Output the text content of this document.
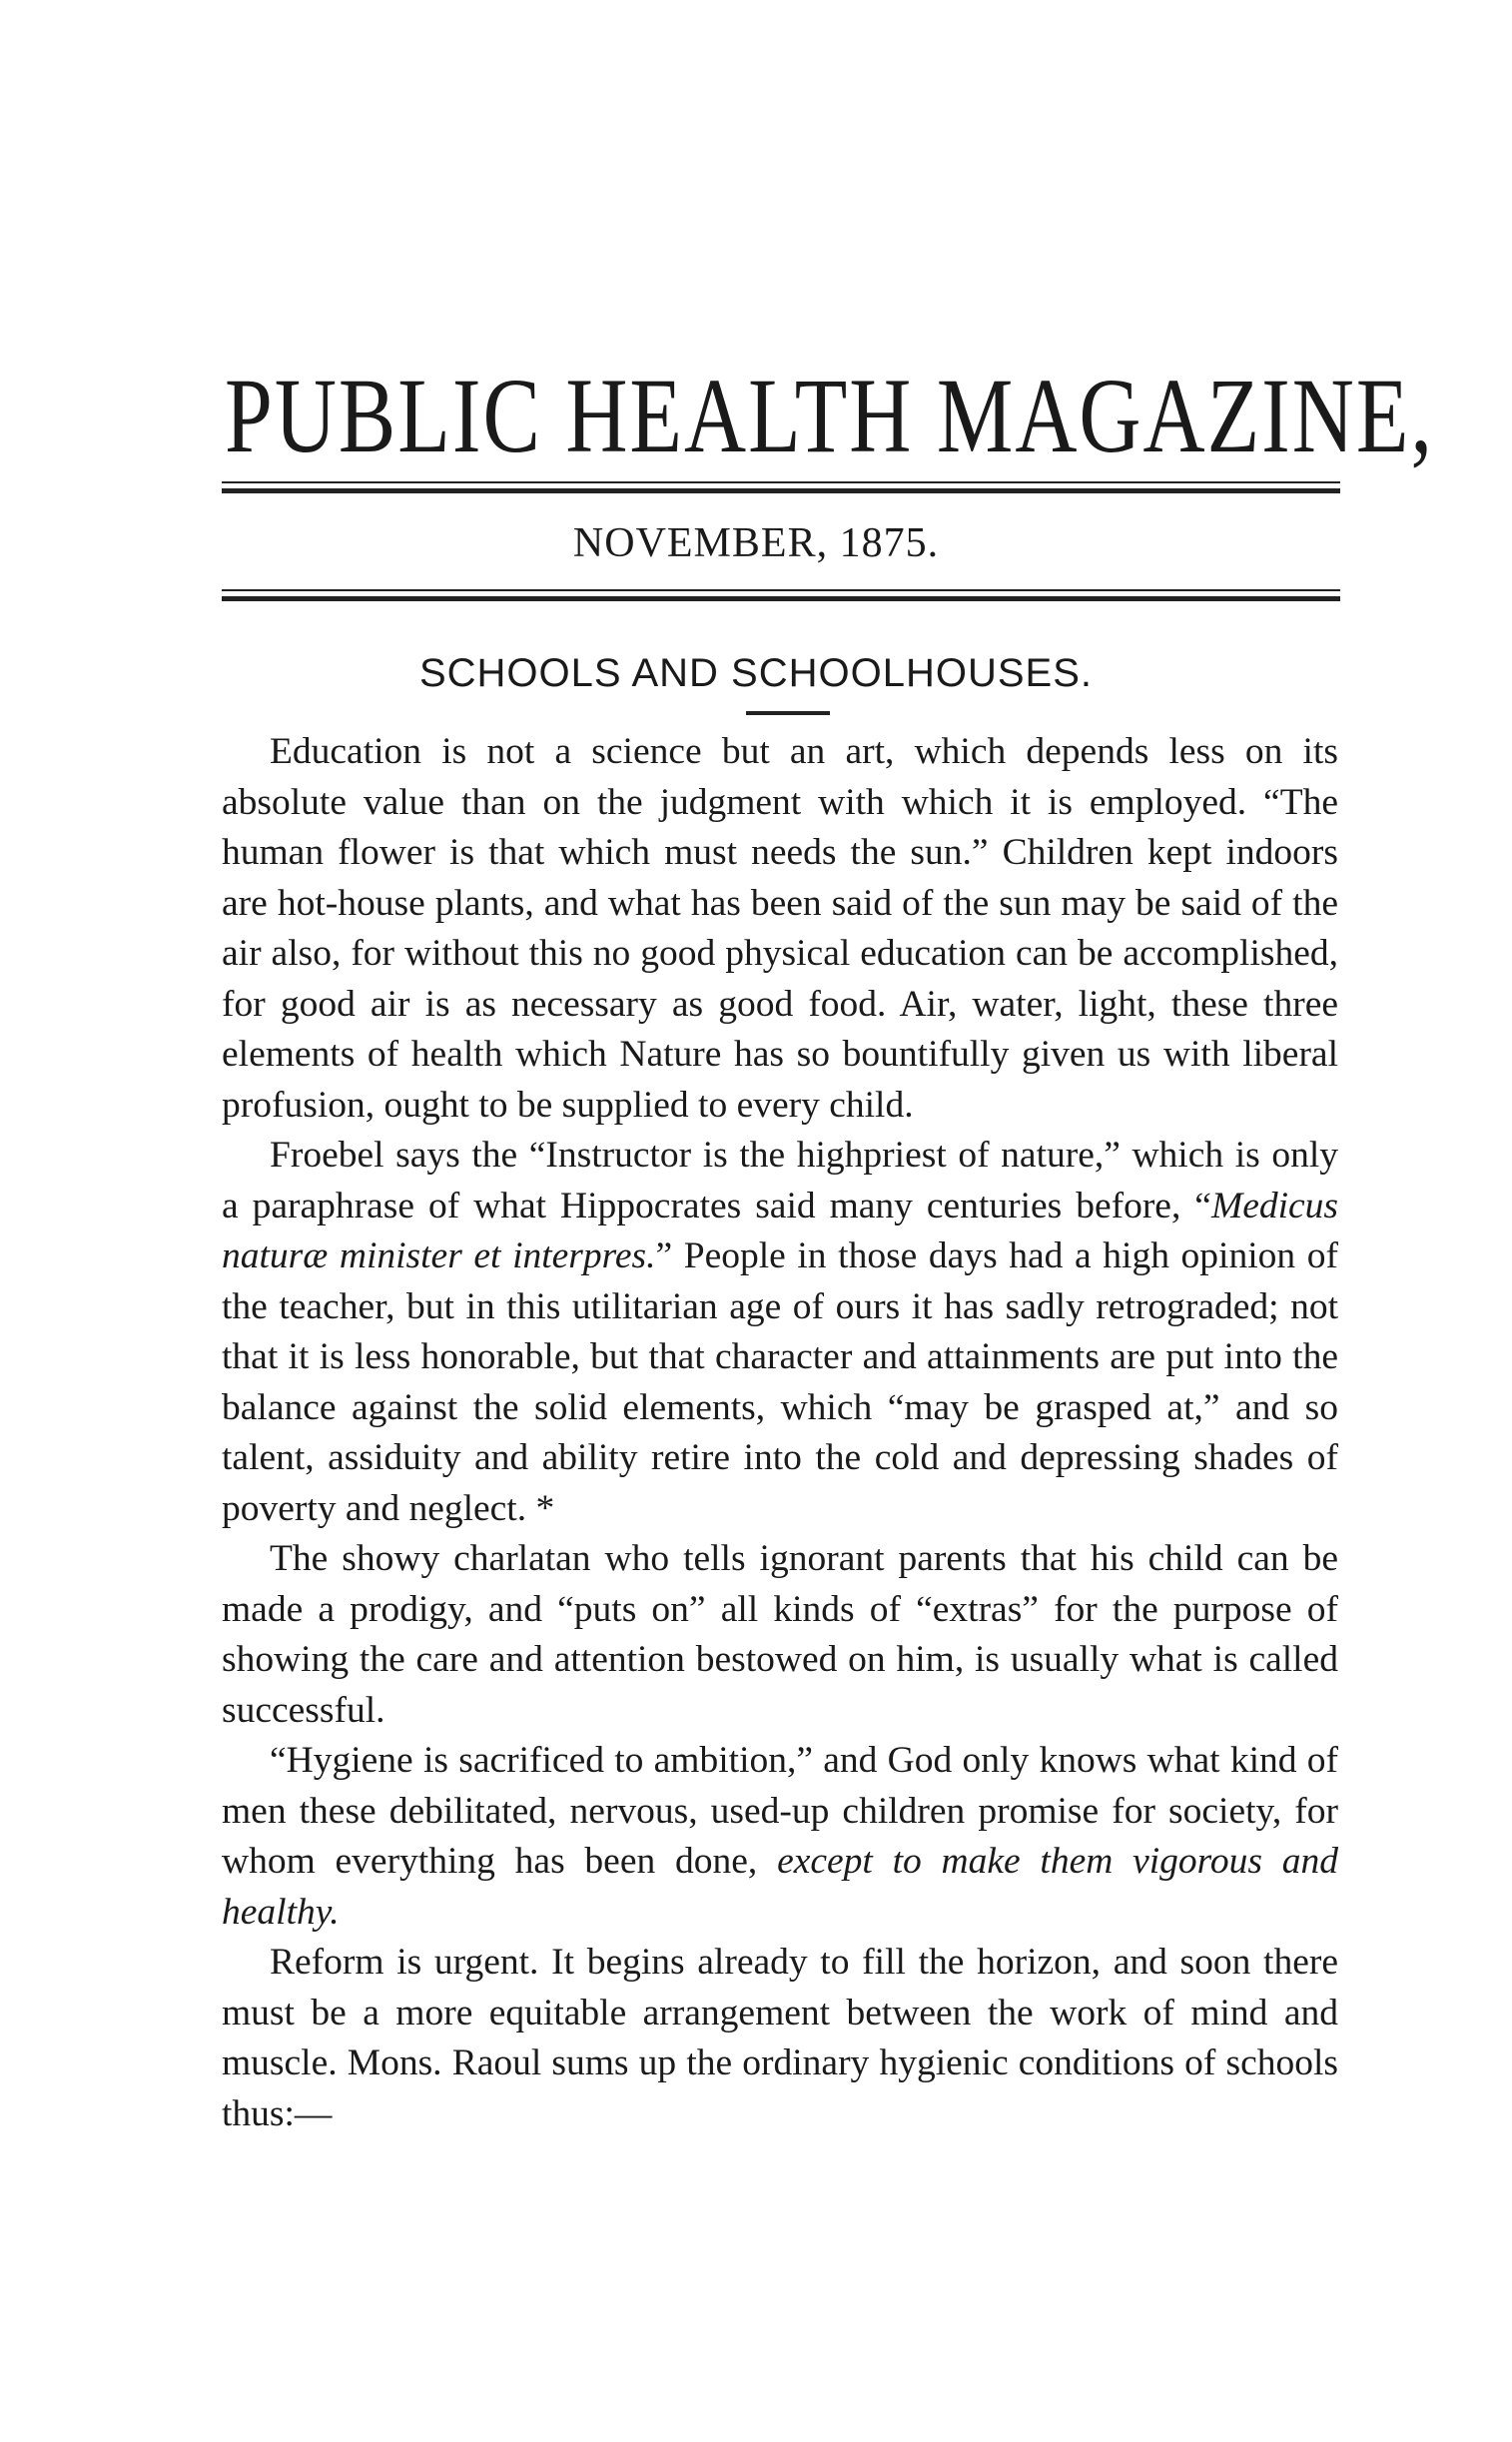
PUBLIC HEALTH MAGAZINE,
NOVEMBER, 1875.
SCHOOLS AND SCHOOLHOUSES.

Education is not a science but an art, which depends less on its absolute value than on the judgment with which it is employed. “The human flower is that which must needs the sun.” Children kept indoors are hot-house plants, and what has been said of the sun may be said of the air also, for without this no good physical education can be accomplished, for good air is as necessary as good food. Air, water, light, these three elements of health which Nature has so bountifully given us with liberal profusion, ought to be supplied to every child.

Froebel says the “Instructor is the highpriest of nature,” which is only a paraphrase of what Hippocrates said many centuries before, “Medicus naturæ minister et interpres.” People in those days had a high opinion of the teacher, but in this utilitarian age of ours it has sadly retrograded; not that it is less honorable, but that character and attainments are put into the balance against the solid elements, which “may be grasped at,” and so talent, assiduity and ability retire into the cold and depressing shades of poverty and neglect. *

The showy charlatan who tells ignorant parents that his child can be made a prodigy, and “puts on” all kinds of “extras” for the purpose of showing the care and attention bestowed on him, is usually what is called successful.

“Hygiene is sacrificed to ambition,” and God only knows what kind of men these debilitated, nervous, used-up children promise for society, for whom everything has been done, except to make them vigorous and healthy.

Reform is urgent. It begins already to fill the horizon, and soon there must be a more equitable arrangement between the work of mind and muscle. Mons. Raoul sums up the ordinary hygienic conditions of schools thus:—
